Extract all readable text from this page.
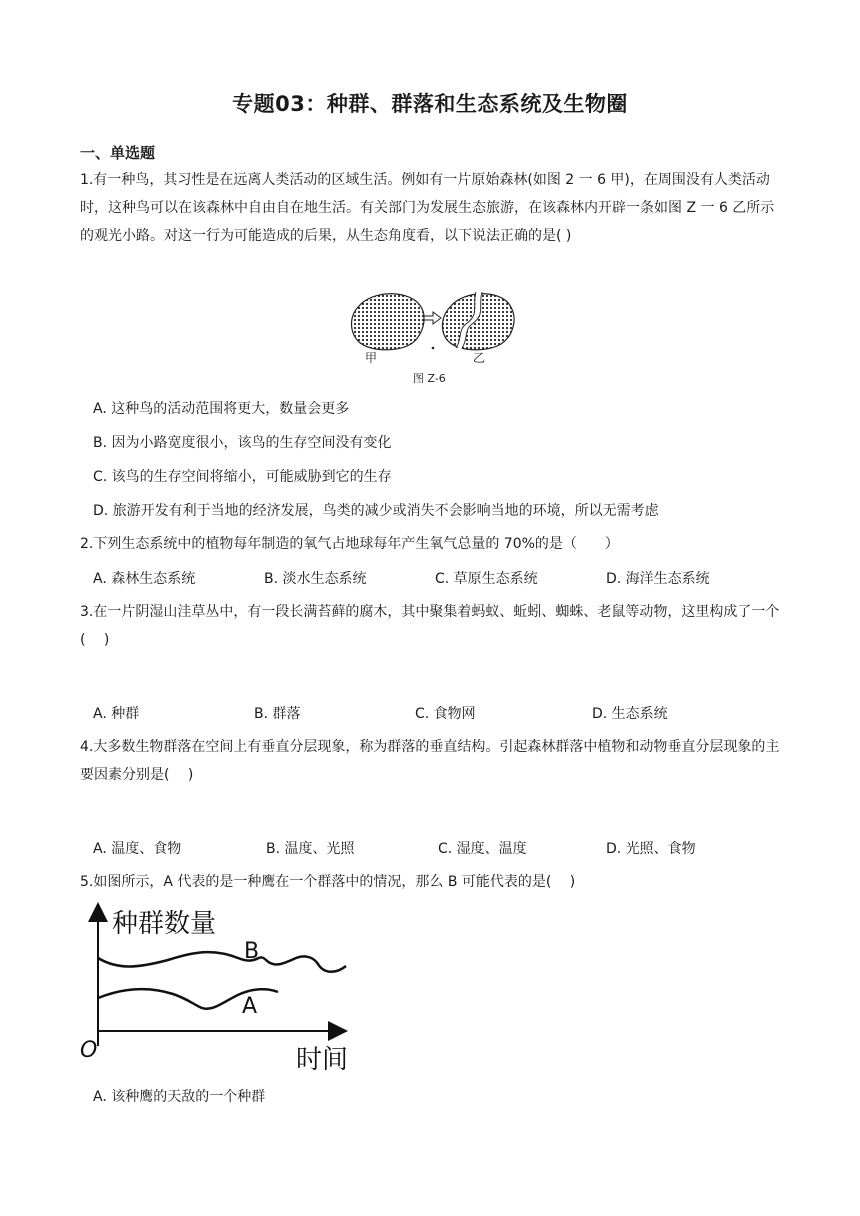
专题03：种群、群落和生态系统及生物圈
一、单选题
1.有一种鸟，其习性是在远离人类活动的区域生活。例如有一片原始森林(如图 2 一 6 甲)，在周围没有人类活动时，这种鸟可以在该森林中自由自在地生活。有关部门为发展生态旅游，在该森林内开辟一条如图 Z 一 6 乙所示的观光小路。对这一行为可能造成的后果，从生态角度看，以下说法正确的是( )
甲	乙
图 Z-6
A. 这种鸟的活动范围将更大，数量会更多
B. 因为小路宽度很小，该鸟的生存空间没有变化
C. 该鸟的生存空间将缩小，可能威胁到它的生存
D. 旅游开发有利于当地的经济发展，鸟类的减少或消失不会影响当地的环境，所以无需考虑
2.下列生态系统中的植物每年制造的氧气占地球每年产生氧气总量的 70%的是（　　）
A. 森林生态系统	B. 淡水生态系统	C. 草原生态系统	D. 海洋生态系统
3.在一片阴湿山洼草丛中，有一段长满苔藓的腐木，其中聚集着蚂蚁、蚯蚓、蜘蛛、老鼠等动物，这里构成了一个(　 )
A. 种群	B. 群落	C. 食物网	D. 生态系统
4.大多数生物群落在空间上有垂直分层现象，称为群落的垂直结构。引起森林群落中植物和动物垂直分层现象的主要因素分别是(　 )
A. 温度、食物	B. 温度、光照	C. 湿度、温度	D. 光照、食物
5.如图所示，A 代表的是一种鹰在一个群落中的情况，那么 B 可能代表的是(　 )
种群数量
时间
O
B
A
A. 该种鹰的天敌的一个种群
